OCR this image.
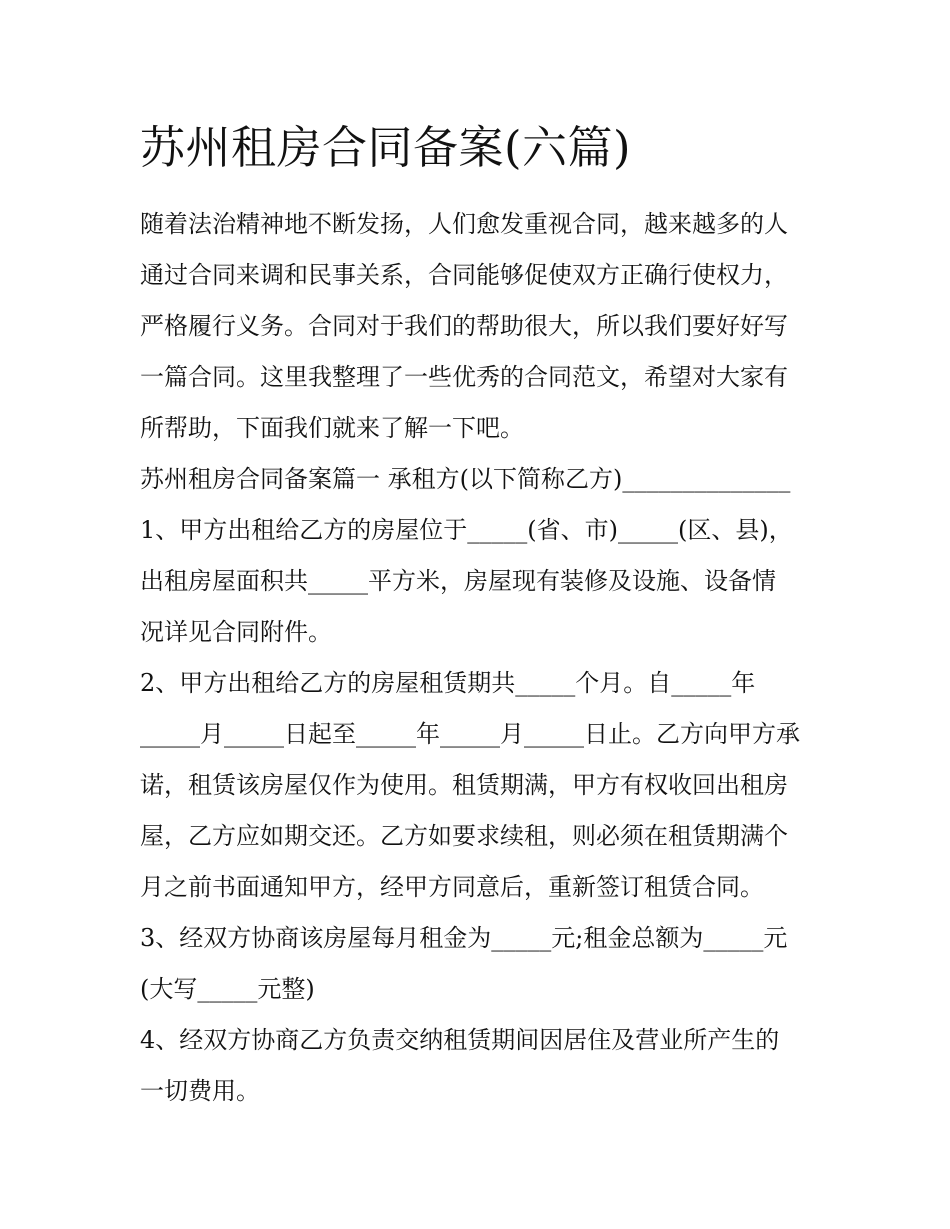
苏州租房合同备案(六篇)
随着法治精神地不断发扬，人们愈发重视合同，越来越多的人
通过合同来调和民事关系，合同能够促使双方正确行使权力，
严格履行义务。合同对于我们的帮助很大，所以我们要好好写
一篇合同。这里我整理了一些优秀的合同范文，希望对大家有
所帮助，下面我们就来了解一下吧。
苏州租房合同备案篇一 承租方(以下简称乙方)______________
1、甲方出租给乙方的房屋位于_____(省、市)_____(区、县)，
出租房屋面积共_____平方米，房屋现有装修及设施、设备情
况详见合同附件。
2、甲方出租给乙方的房屋租赁期共_____个月。自_____年
_____月_____日起至_____年_____月_____日止。乙方向甲方承
诺，租赁该房屋仅作为使用。租赁期满，甲方有权收回出租房
屋，乙方应如期交还。乙方如要求续租，则必须在租赁期满个
月之前书面通知甲方，经甲方同意后，重新签订租赁合同。
3、经双方协商该房屋每月租金为_____元;租金总额为_____元
(大写_____元整)
4、经双方协商乙方负责交纳租赁期间因居住及营业所产生的
一切费用。
